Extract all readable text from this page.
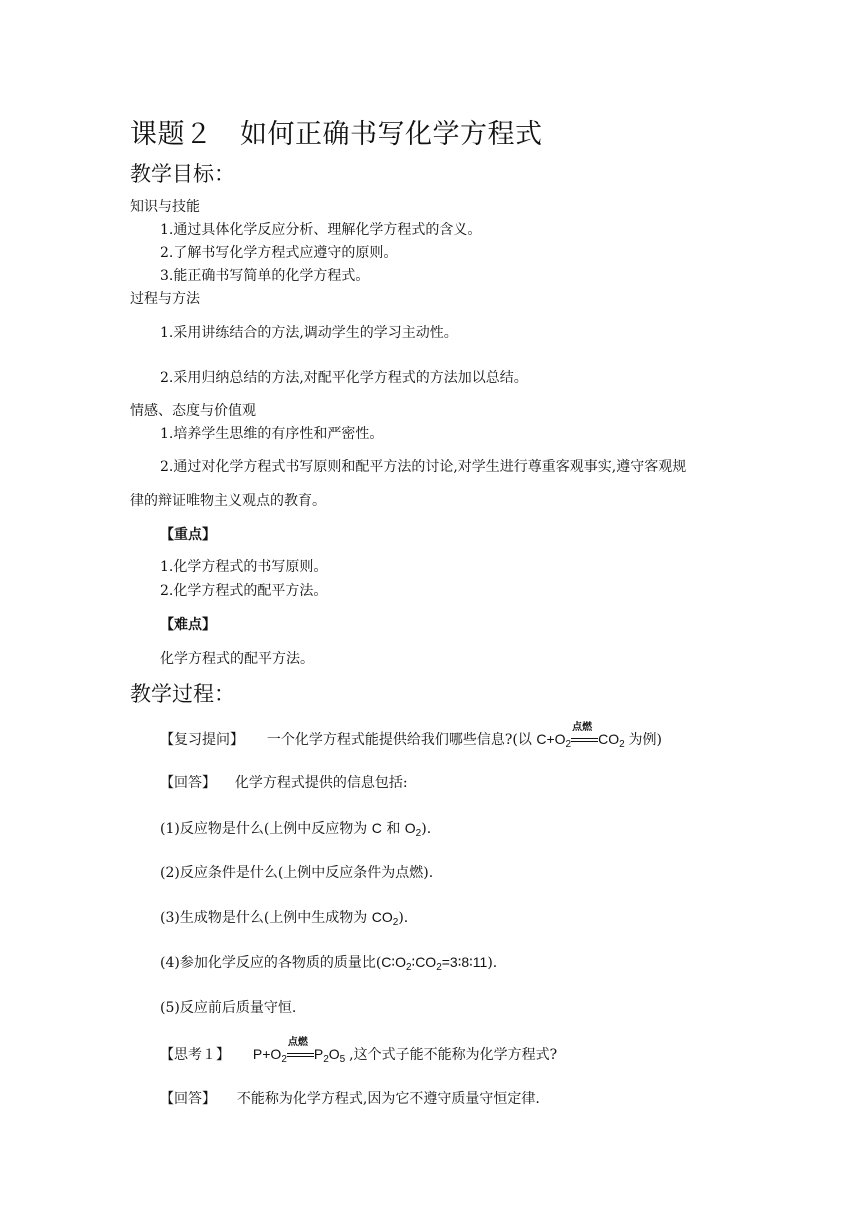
课题２　如何正确书写化学方程式
教学目标：
知识与技能
1.通过具体化学反应分析、理解化学方程式的含义。
2.了解书写化学方程式应遵守的原则。
3.能正确书写简单的化学方程式。
过程与方法
1.采用讲练结合的方法,调动学生的学习主动性。
2.采用归纳总结的方法,对配平化学方程式的方法加以总结。
情感、态度与价值观
1.培养学生思维的有序性和严密性。
2.通过对化学方程式书写原则和配平方法的讨论,对学生进行尊重客观事实,遵守客观规
律的辩证唯物主义观点的教育。
【重点】
1.化学方程式的书写原则。
2.化学方程式的配平方法。
【难点】
化学方程式的配平方法。
教学过程：
【复习提问】 一个化学方程式能提供给我们哪些信息?(以 $C+O_2$
点燃
$CO_2$ 为例)
【回答】 化学方程式提供的信息包括:
(1)反应物是什么(上例中反应物为 C 和 $O_2$).
(2)反应条件是什么(上例中反应条件为点燃).
(3)生成物是什么(上例中生成物为 $CO_2$).
(4)参加化学反应的各物质的质量比$(C∶O_2∶CO_2=3∶8∶11)$.
(5)反应前后质量守恒.
【思考１】 $P+O_2$
点燃
$P_2O_5$ ,这个式子能不能称为化学方程式?
【回答】 不能称为化学方程式,因为它不遵守质量守恒定律.
